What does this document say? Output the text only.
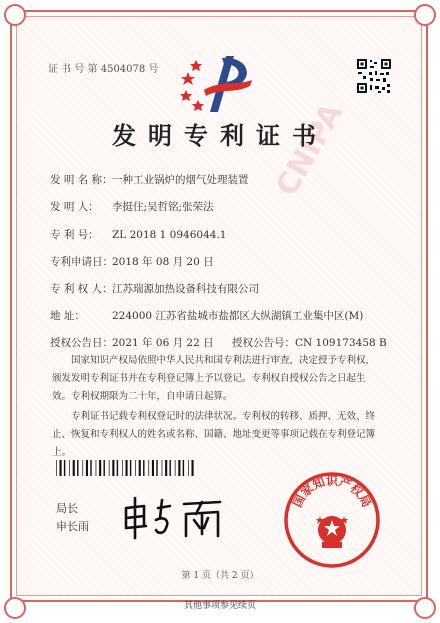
CNIPA
证 书 号 第 4504078 号
发明专利证书
发 明 名 称：一种工业锅炉的烟气处理装置
发 明 人： 李挺住;吴哲铭;张荣法
专 利 号： ZL 2018 1 0946044.1
专利申请日：2018 年 08 月 20 日
专 利 权 人：江苏瑞源加热设备科技有限公司
地 址：	224000 江苏省盐城市盐都区大纵湖镇工业集中区(M)
授权公告日：2021 年 06 月 22 日 授权公告号：CN 109173458 B
国家知识产权局依照中华人民共和国专利法进行审查，决定授予专利权，颁发发明专利证书并在专利登记簿上予以登记。专利权自授权公告之日起生效。专利权期限为二十年，自申请日起算。
专利证书记载专利权登记时的法律状况。专利权的转移、质押、无效、终止、恢复和专利权人的姓名或名称、国籍、地址变更等事项记载在专利登记簿上。
局长
申长雨
国家知识产权局
第 1 页（共 2 页）
其他事项参见续页
